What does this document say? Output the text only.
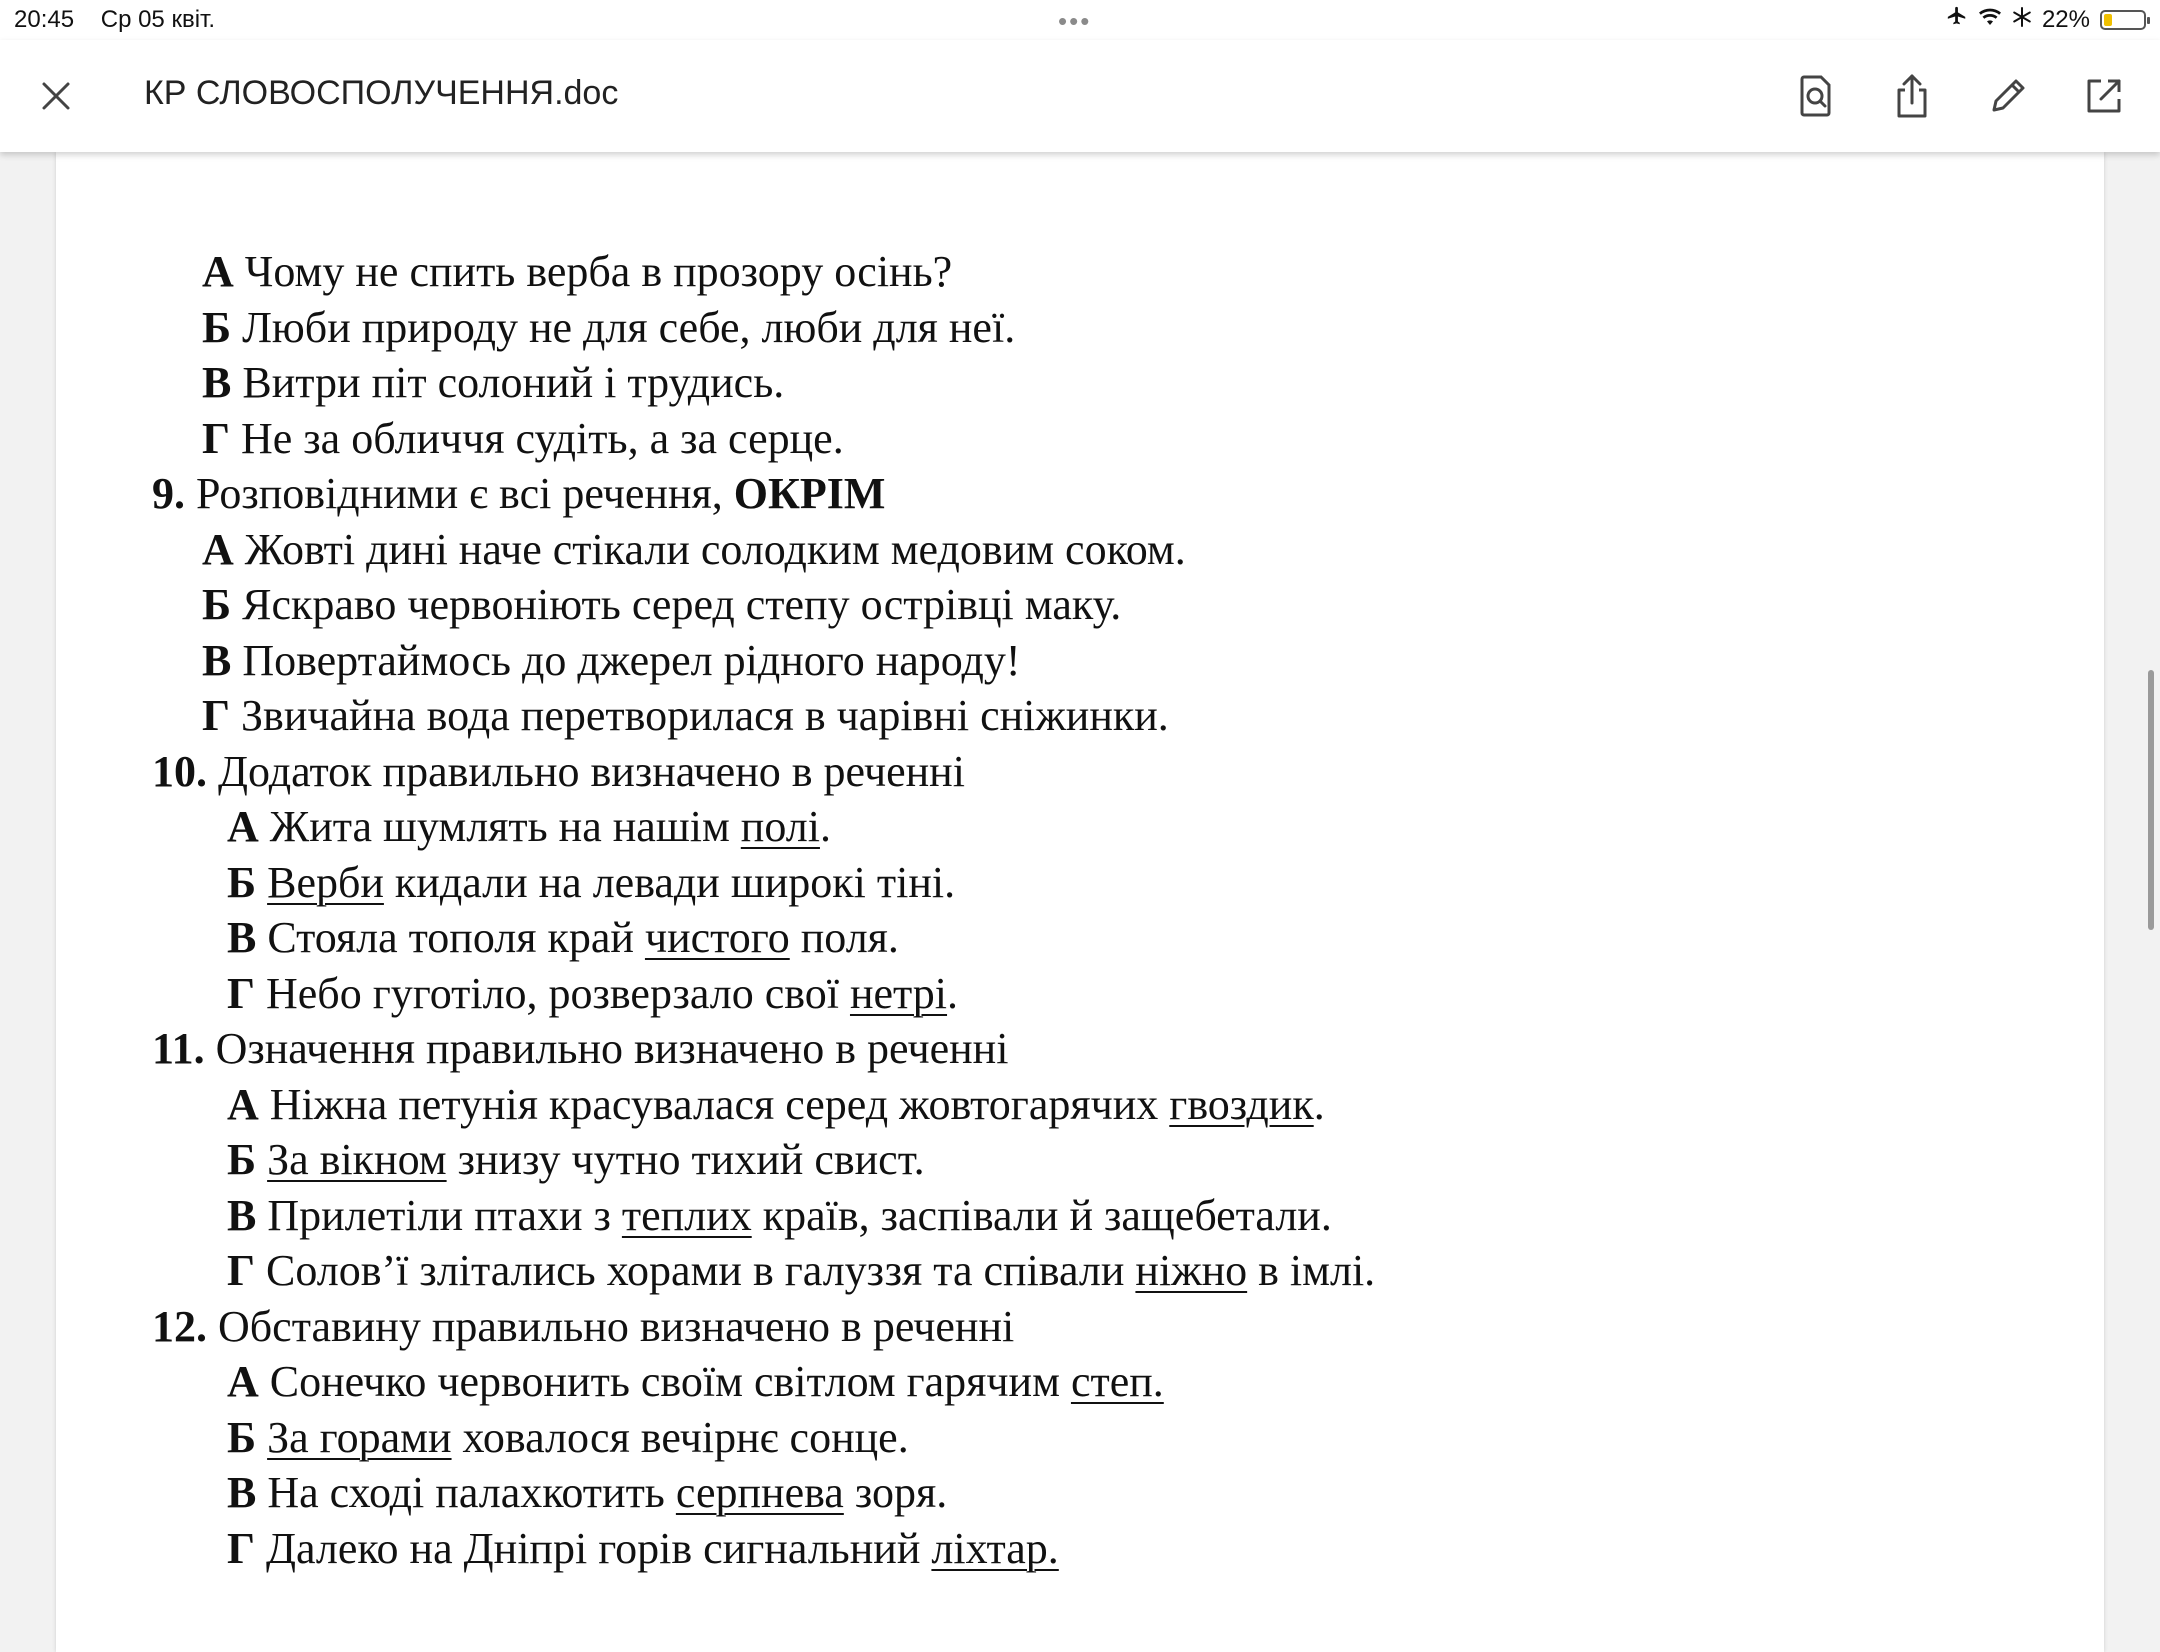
20:45 Ср 05 квіт.	•••	22%
КР СЛОВОСПОЛУЧЕННЯ.doc
А Чому не спить верба в прозору осінь?
Б Люби природу не для себе, люби для неї.
В Витри піт солоний і трудись.
Г Не за обличчя судіть, а за серце.
9. Розповідними є всі речення, ОКРІМ
А Жовті дині наче стікали солодким медовим соком.
Б Яскраво червоніють серед степу острівці маку.
В Повертаймось до джерел рідного народу!
Г Звичайна вода перетворилася в чарівні сніжинки.
10. Додаток правильно визначено в реченні
А Жита шумлять на нашім полі.
Б Верби кидали на левади широкі тіні.
В Стояла тополя край чистого поля.
Г Небо гуготіло, розверзало свої нетрі.
11. Означення правильно визначено в реченні
А Ніжна петунія красувалася серед жовтогарячих гвоздик.
Б За вікном знизу чутно тихий свист.
В Прилетіли птахи з теплих країв, заспівали й защебетали.
Г Солов’ї злітались хорами в галуззя та співали ніжно в імлі.
12. Обставину правильно визначено в реченні
А Сонечко червонить своїм світлом гарячим степ.
Б За горами ховалося вечірнє сонце.
В На сході палахкотить серпнева зоря.
Г Далеко на Дніпрі горів сигнальний ліхтар.
